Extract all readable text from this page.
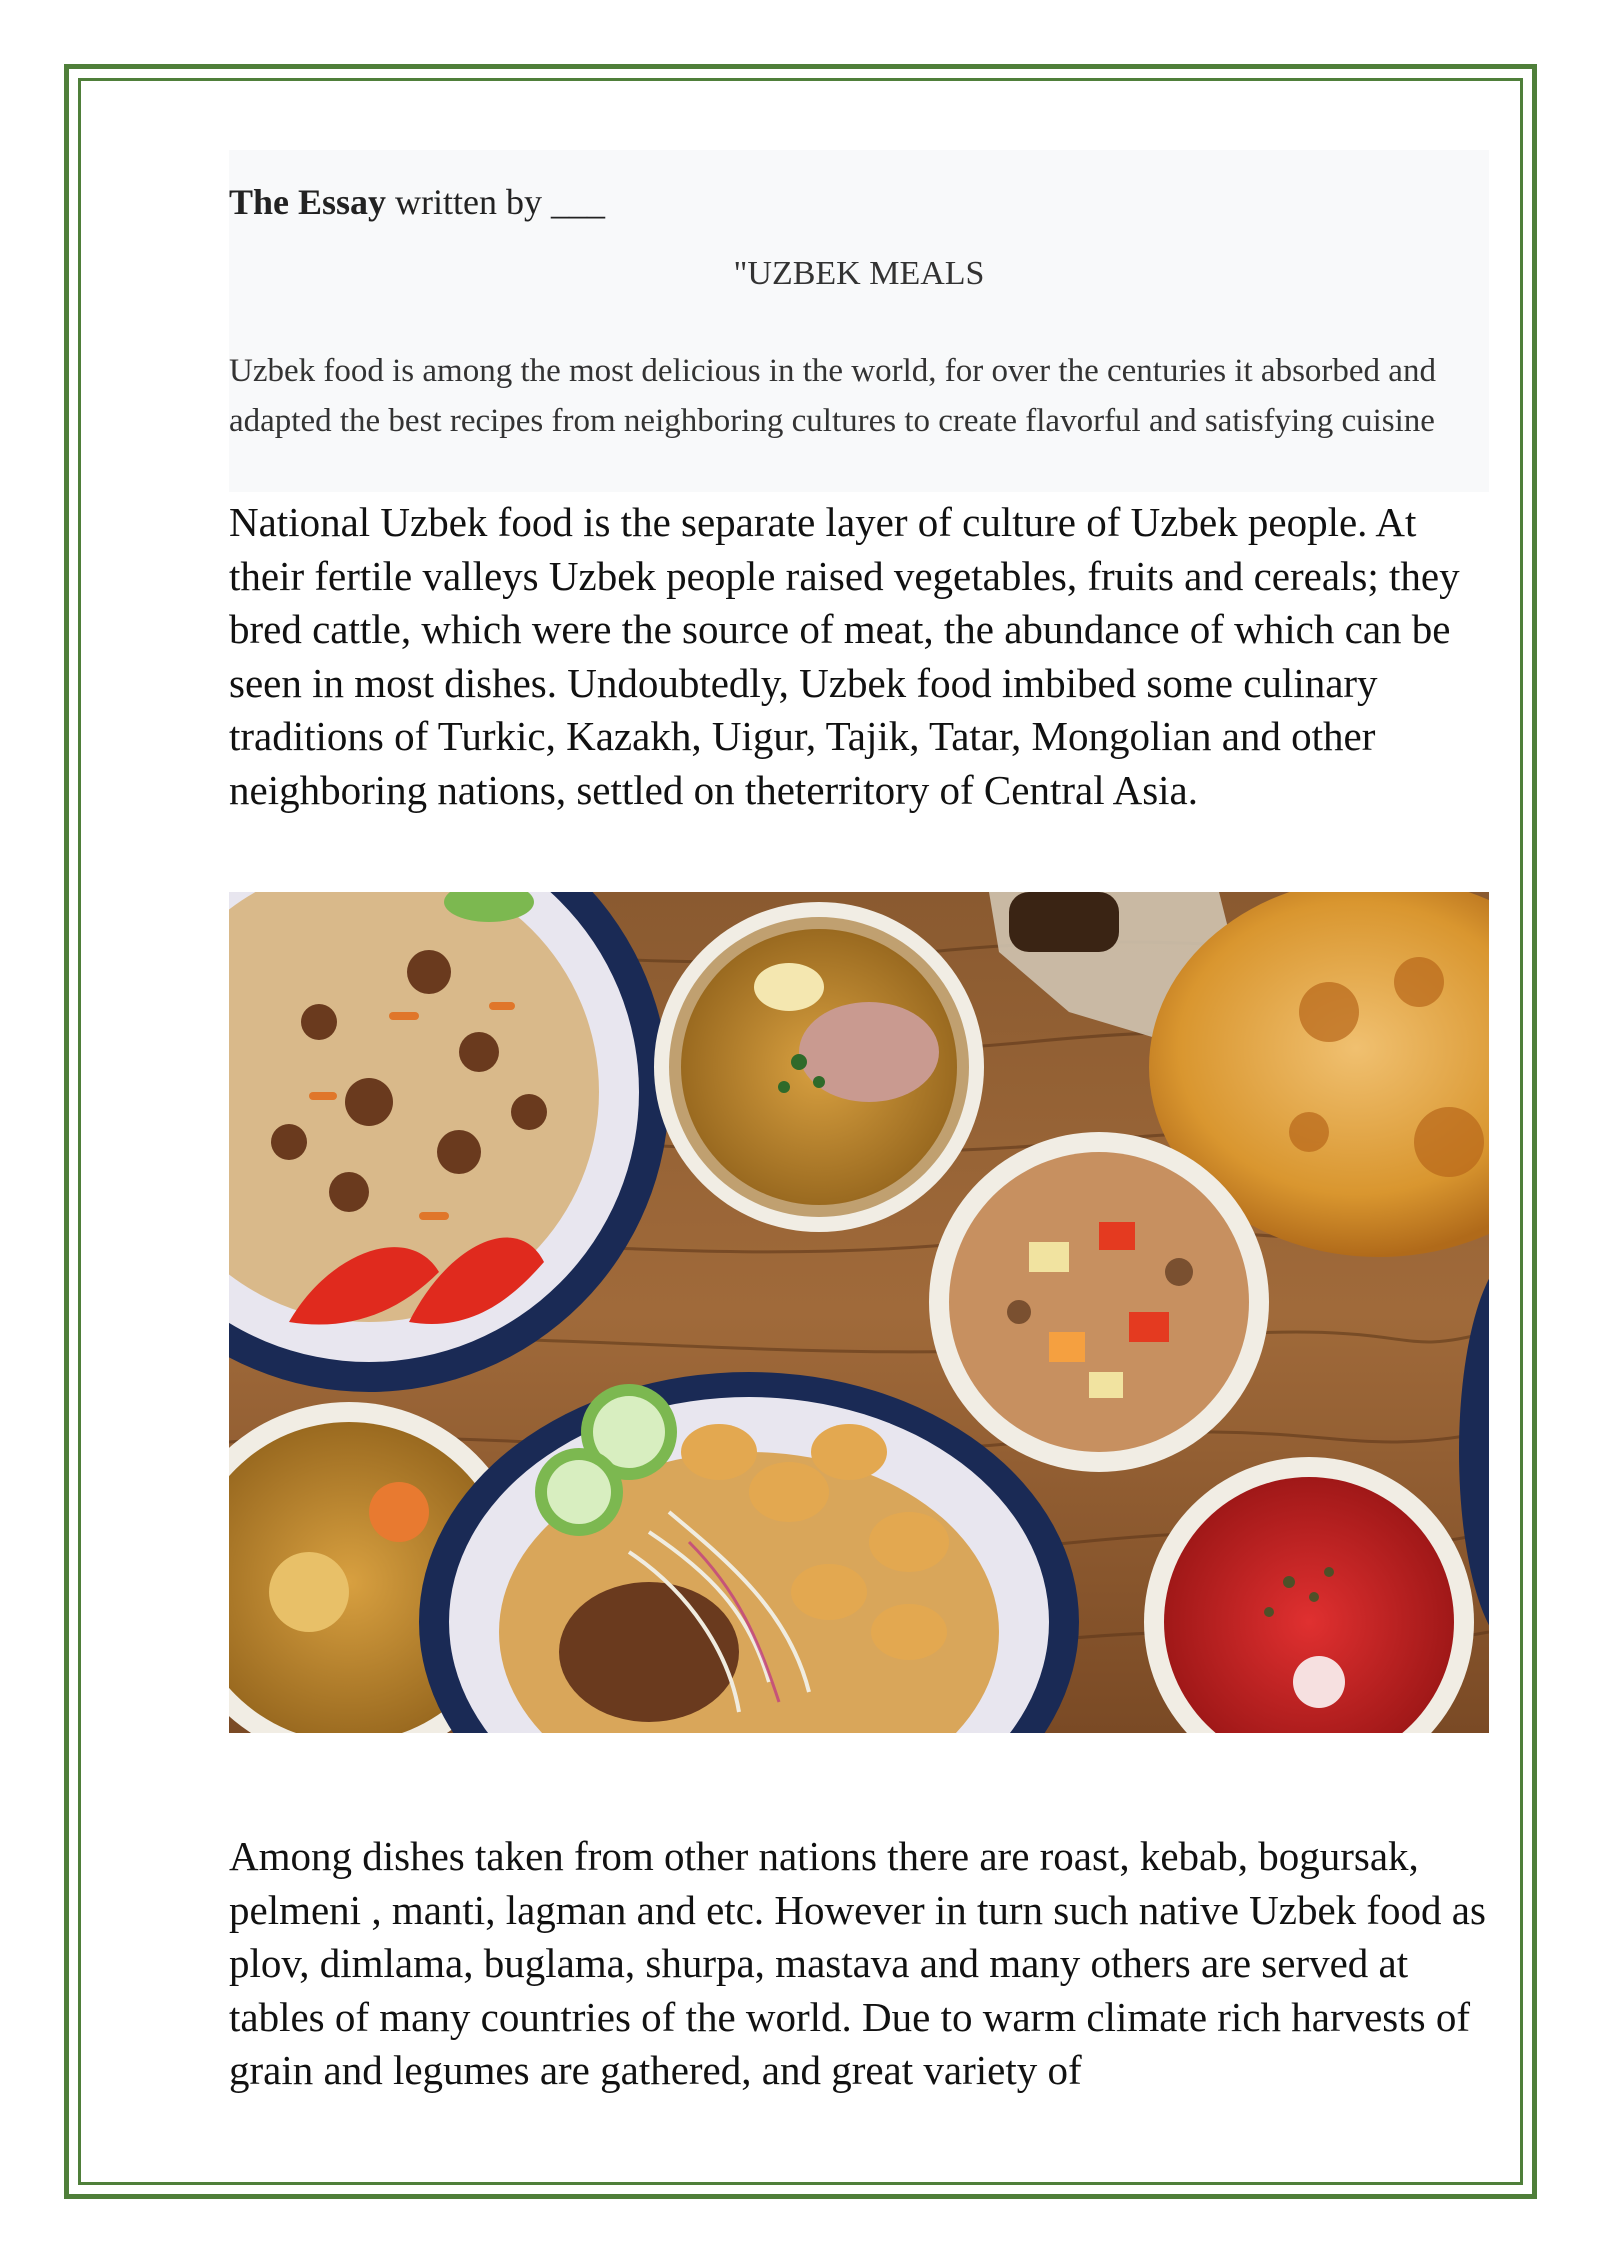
The Essay written by ___
"UZBEK MEALS
Uzbek food is among the most delicious in the world, for over the centuries it absorbed and adapted the best recipes from neighboring cultures to create flavorful and satisfying cuisine
National Uzbek food is the separate layer of culture of Uzbek people. At their fertile valleys Uzbek people raised vegetables, fruits and cereals; they bred cattle, which were the source of meat, the abundance of which can be seen in most dishes. Undoubtedly, Uzbek food imbibed some culinary traditions of Turkic, Kazakh, Uigur, Tajik, Tatar, Mongolian and other neighboring nations, settled on theterritory of Central Asia.
Among dishes taken from other nations there are roast, kebab, bogursak, pelmeni , manti, lagman and etc. However in turn such native Uzbek food as plov, dimlama, buglama, shurpa, mastava and many others are served at tables of many countries of the world. Due to warm climate rich harvests of grain and legumes are gathered, and great variety of
